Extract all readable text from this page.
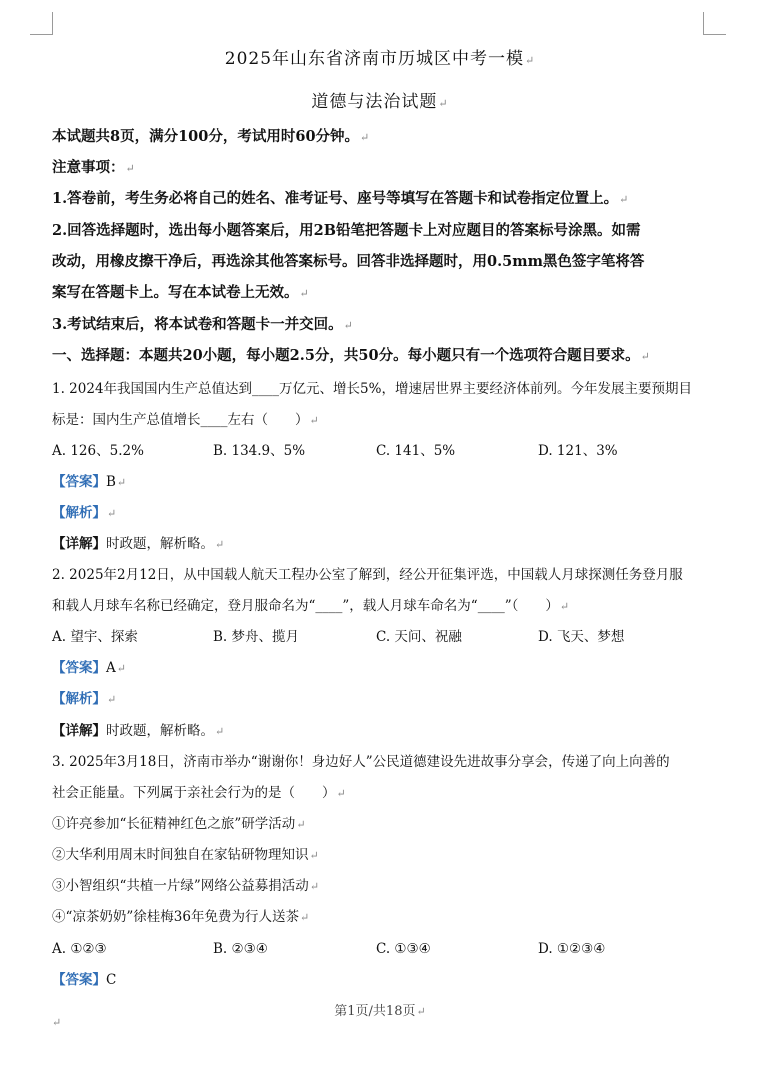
2025年山东省济南市历城区中考一模↵
道德与法治试题↵
本试题共8页，满分100分，考试用时60分钟。↵
注意事项：↵
1.答卷前，考生务必将自己的姓名、准考证号、座号等填写在答题卡和试卷指定位置上。↵
2.回答选择题时，选出每小题答案后，用2B铅笔把答题卡上对应题目的答案标号涂黑。如需
改动，用橡皮擦干净后，再选涂其他答案标号。回答非选择题时，用0.5mm黑色签字笔将答
案写在答题卡上。写在本试卷上无效。↵
3.考试结束后，将本试卷和答题卡一并交回。↵
一、选择题：本题共20小题，每小题2.5分，共50分。每小题只有一个选项符合题目要求。↵
1. 2024年我国国内生产总值达到____万亿元、增长5%，增速居世界主要经济体前列。今年发展主要预期目
标是：国内生产总值增长____左右（　　）↵
A. 126、5.2%	B. 134.9、5%	C. 141、5%	D. 121、3%
【答案】B↵
【解析】↵
【详解】时政题，解析略。↵
2. 2025年2月12日，从中国载人航天工程办公室了解到，经公开征集评选，中国载人月球探测任务登月服
和载人月球车名称已经确定，登月服命名为“____”，载人月球车命名为“____”（　　）↵
A. 望宇、探索	B. 梦舟、揽月	C. 天问、祝融	D. 飞天、梦想
【答案】A↵
【解析】↵
【详解】时政题，解析略。↵
3. 2025年3月18日，济南市举办“谢谢你！身边好人”公民道德建设先进故事分享会，传递了向上向善的
社会正能量。下列属于亲社会行为的是（　　）↵
①许亮参加“长征精神红色之旅”研学活动↵
②大华利用周末时间独自在家钻研物理知识↵
③小智组织“共植一片绿”网络公益募捐活动↵
④“凉茶奶奶”徐桂梅36年免费为行人送茶↵
A. ①②③	B. ②③④	C. ①③④	D. ①②③④
【答案】C
第1页/共18页↵
↵
